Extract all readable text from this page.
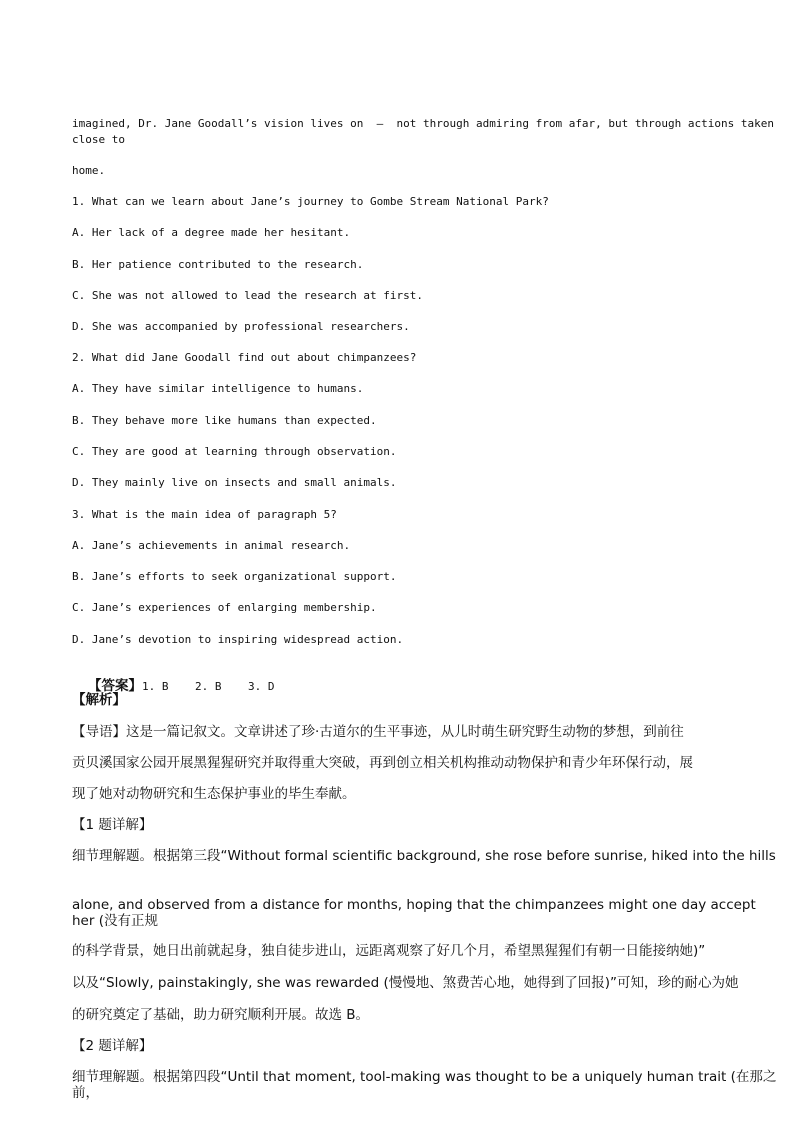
imagined, Dr. Jane Goodall’s vision lives on  —  not through admiring from afar, but through actions taken close to
home.
1. What can we learn about Jane’s journey to Gombe Stream National Park?
A. Her lack of a degree made her hesitant.
B. Her patience contributed to the research.
C. She was not allowed to lead the research at first.
D. She was accompanied by professional researchers.
2. What did Jane Goodall find out about chimpanzees?
A. They have similar intelligence to humans.
B. They behave more like humans than expected.
C. They are good at learning through observation.
D. They mainly live on insects and small animals.
3. What is the main idea of paragraph 5?
A. Jane’s achievements in animal research.
B. Jane’s efforts to seek organizational support.
C. Jane’s experiences of enlarging membership.
D. Jane’s devotion to inspiring widespread action.

【答案】1. B    2. B    3. D

【解析】
【导语】这是一篇记叙文。文章讲述了珍·古道尔的生平事迹，从儿时萌生研究野生动物的梦想，到前往
贡贝溪国家公园开展黑猩猩研究并取得重大突破，再到创立相关机构推动动物保护和青少年环保行动，展
现了她对动物研究和生态保护事业的毕生奉献。
【1 题详解】
细节理解题。根据第三段“Without formal scientific background, she rose before sunrise, hiked into the hills
alone, and observed from a distance for months, hoping that the chimpanzees might one day accept her (没有正规
的科学背景，她日出前就起身，独自徒步进山，远距离观察了好几个月，希望黑猩猩们有朝一日能接纳她)”
以及“Slowly, painstakingly, she was rewarded (慢慢地、煞费苦心地，她得到了回报)”可知，珍的耐心为她
的研究奠定了基础，助力研究顺利开展。故选 B。
【2 题详解】
细节理解题。根据第四段“Until that moment, tool-making was thought to be a uniquely human trait (在那之前，
